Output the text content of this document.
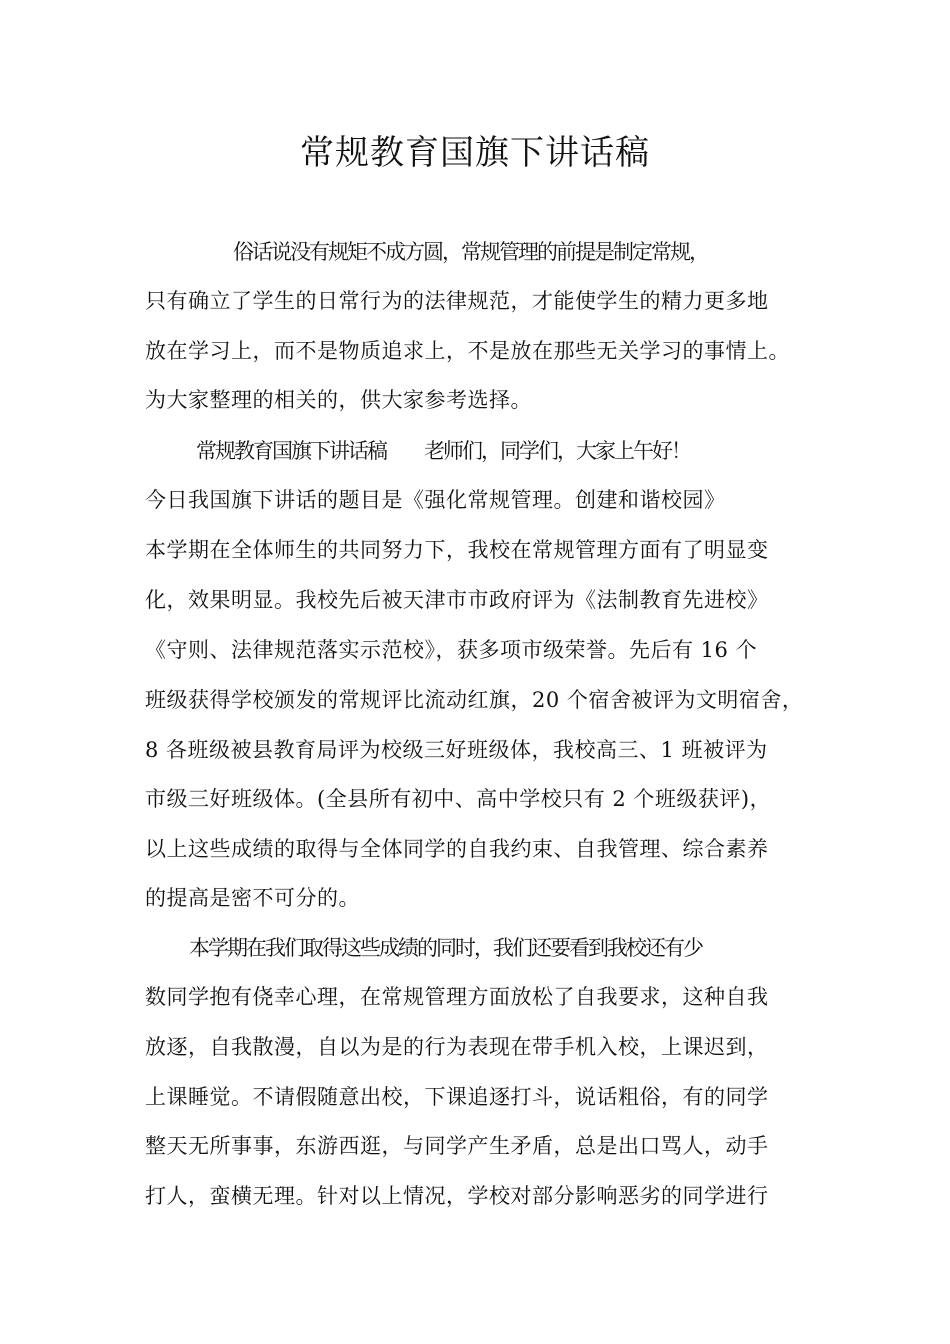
常规教育国旗下讲话稿

俗话说没有规矩不成方圆，常规管理的前提是制定常规，

只有确立了学生的日常行为的法律规范，才能使学生的精力更多地

放在学习上，而不是物质追求上，不是放在那些无关学习的事情上。

为大家整理的相关的，供大家参考选择。

常规教育国旗下讲话稿　　老师们，同学们，大家上午好！

今日我国旗下讲话的题目是《强化常规管理。创建和谐校园》

本学期在全体师生的共同努力下，我校在常规管理方面有了明显变

化，效果明显。我校先后被天津市市政府评为《法制教育先进校》

《守则、法律规范落实示范校》，获多项市级荣誉。先后有 16 个

班级获得学校颁发的常规评比流动红旗，20 个宿舍被评为文明宿舍，

8 各班级被县教育局评为校级三好班级体，我校高三、1 班被评为

市级三好班级体。(全县所有初中、高中学校只有 2 个班级获评)，

以上这些成绩的取得与全体同学的自我约束、自我管理、综合素养

的提高是密不可分的。

本学期在我们取得这些成绩的同时，我们还要看到我校还有少

数同学抱有侥幸心理，在常规管理方面放松了自我要求，这种自我

放逐，自我散漫，自以为是的行为表现在带手机入校，上课迟到，

上课睡觉。不请假随意出校，下课追逐打斗，说话粗俗，有的同学

整天无所事事，东游西逛，与同学产生矛盾，总是出口骂人，动手

打人，蛮横无理。针对以上情况，学校对部分影响恶劣的同学进行
